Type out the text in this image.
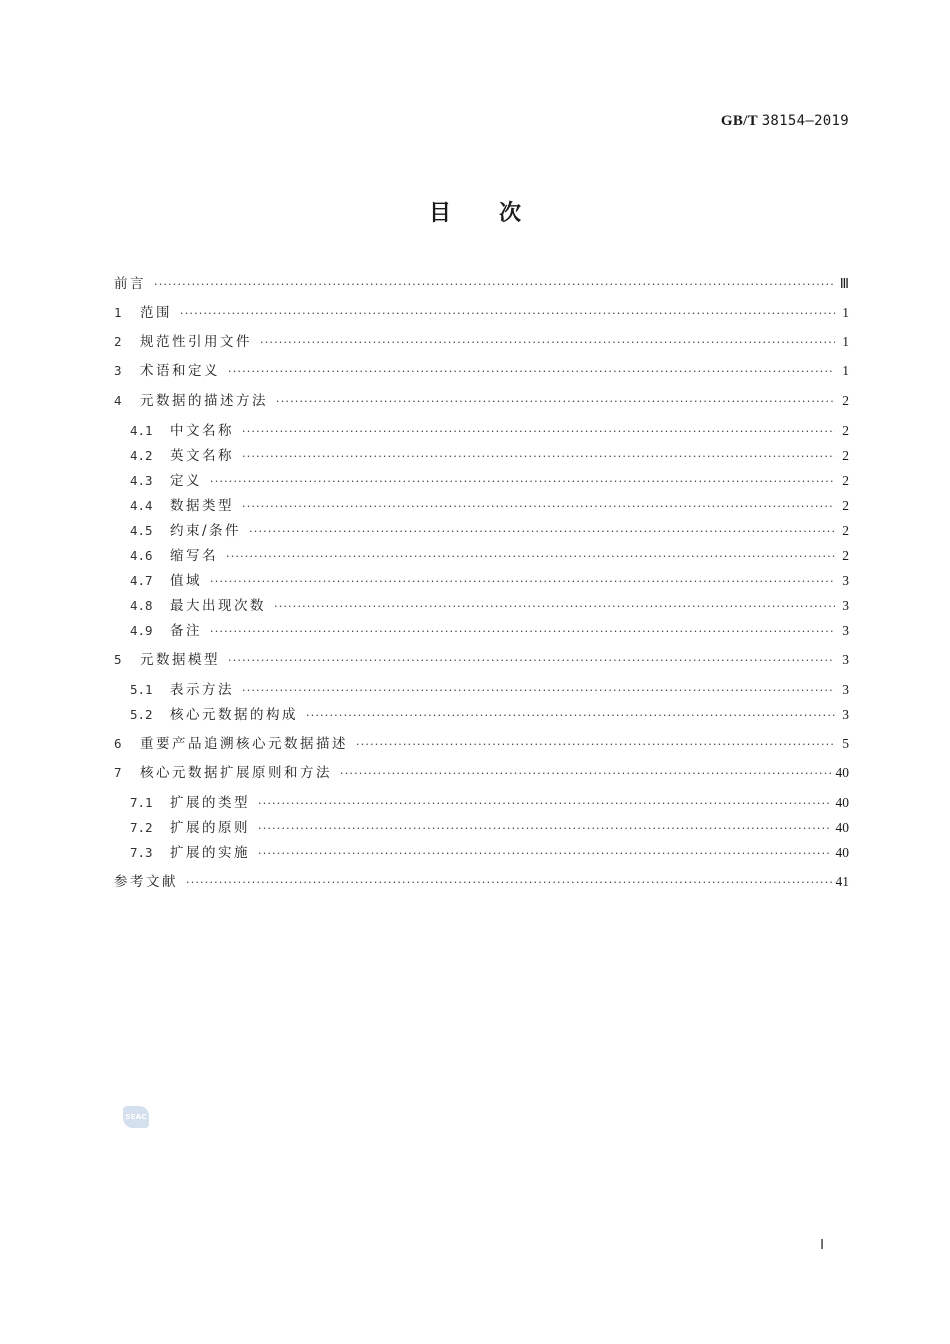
GB/T 38154—2019
目次
前言 ·····	Ⅲ
1	范围 ·····	1
2	规范性引用文件 ·····	1
3	术语和定义 ·····	1
4	元数据的描述方法 ·····	2
4.1	中文名称 ·····	2
4.2	英文名称 ·····	2
4.3	定义 ·····	2
4.4	数据类型 ·····	2
4.5	约束/条件 ·····	2
4.6	缩写名 ·····	2
4.7	值域 ·····	3
4.8	最大出现次数 ·····	3
4.9	备注 ·····	3
5	元数据模型 ·····	3
5.1	表示方法 ·····	3
5.2	核心元数据的构成 ·····	3
6	重要产品追溯核心元数据描述 ·····	5
7	核心元数据扩展原则和方法 ·····	40
7.1	扩展的类型 ·····	40
7.2	扩展的原则 ·····	40
7.3	扩展的实施 ·····	40
参考文献 ·····	41
SEAC
Ⅰ
